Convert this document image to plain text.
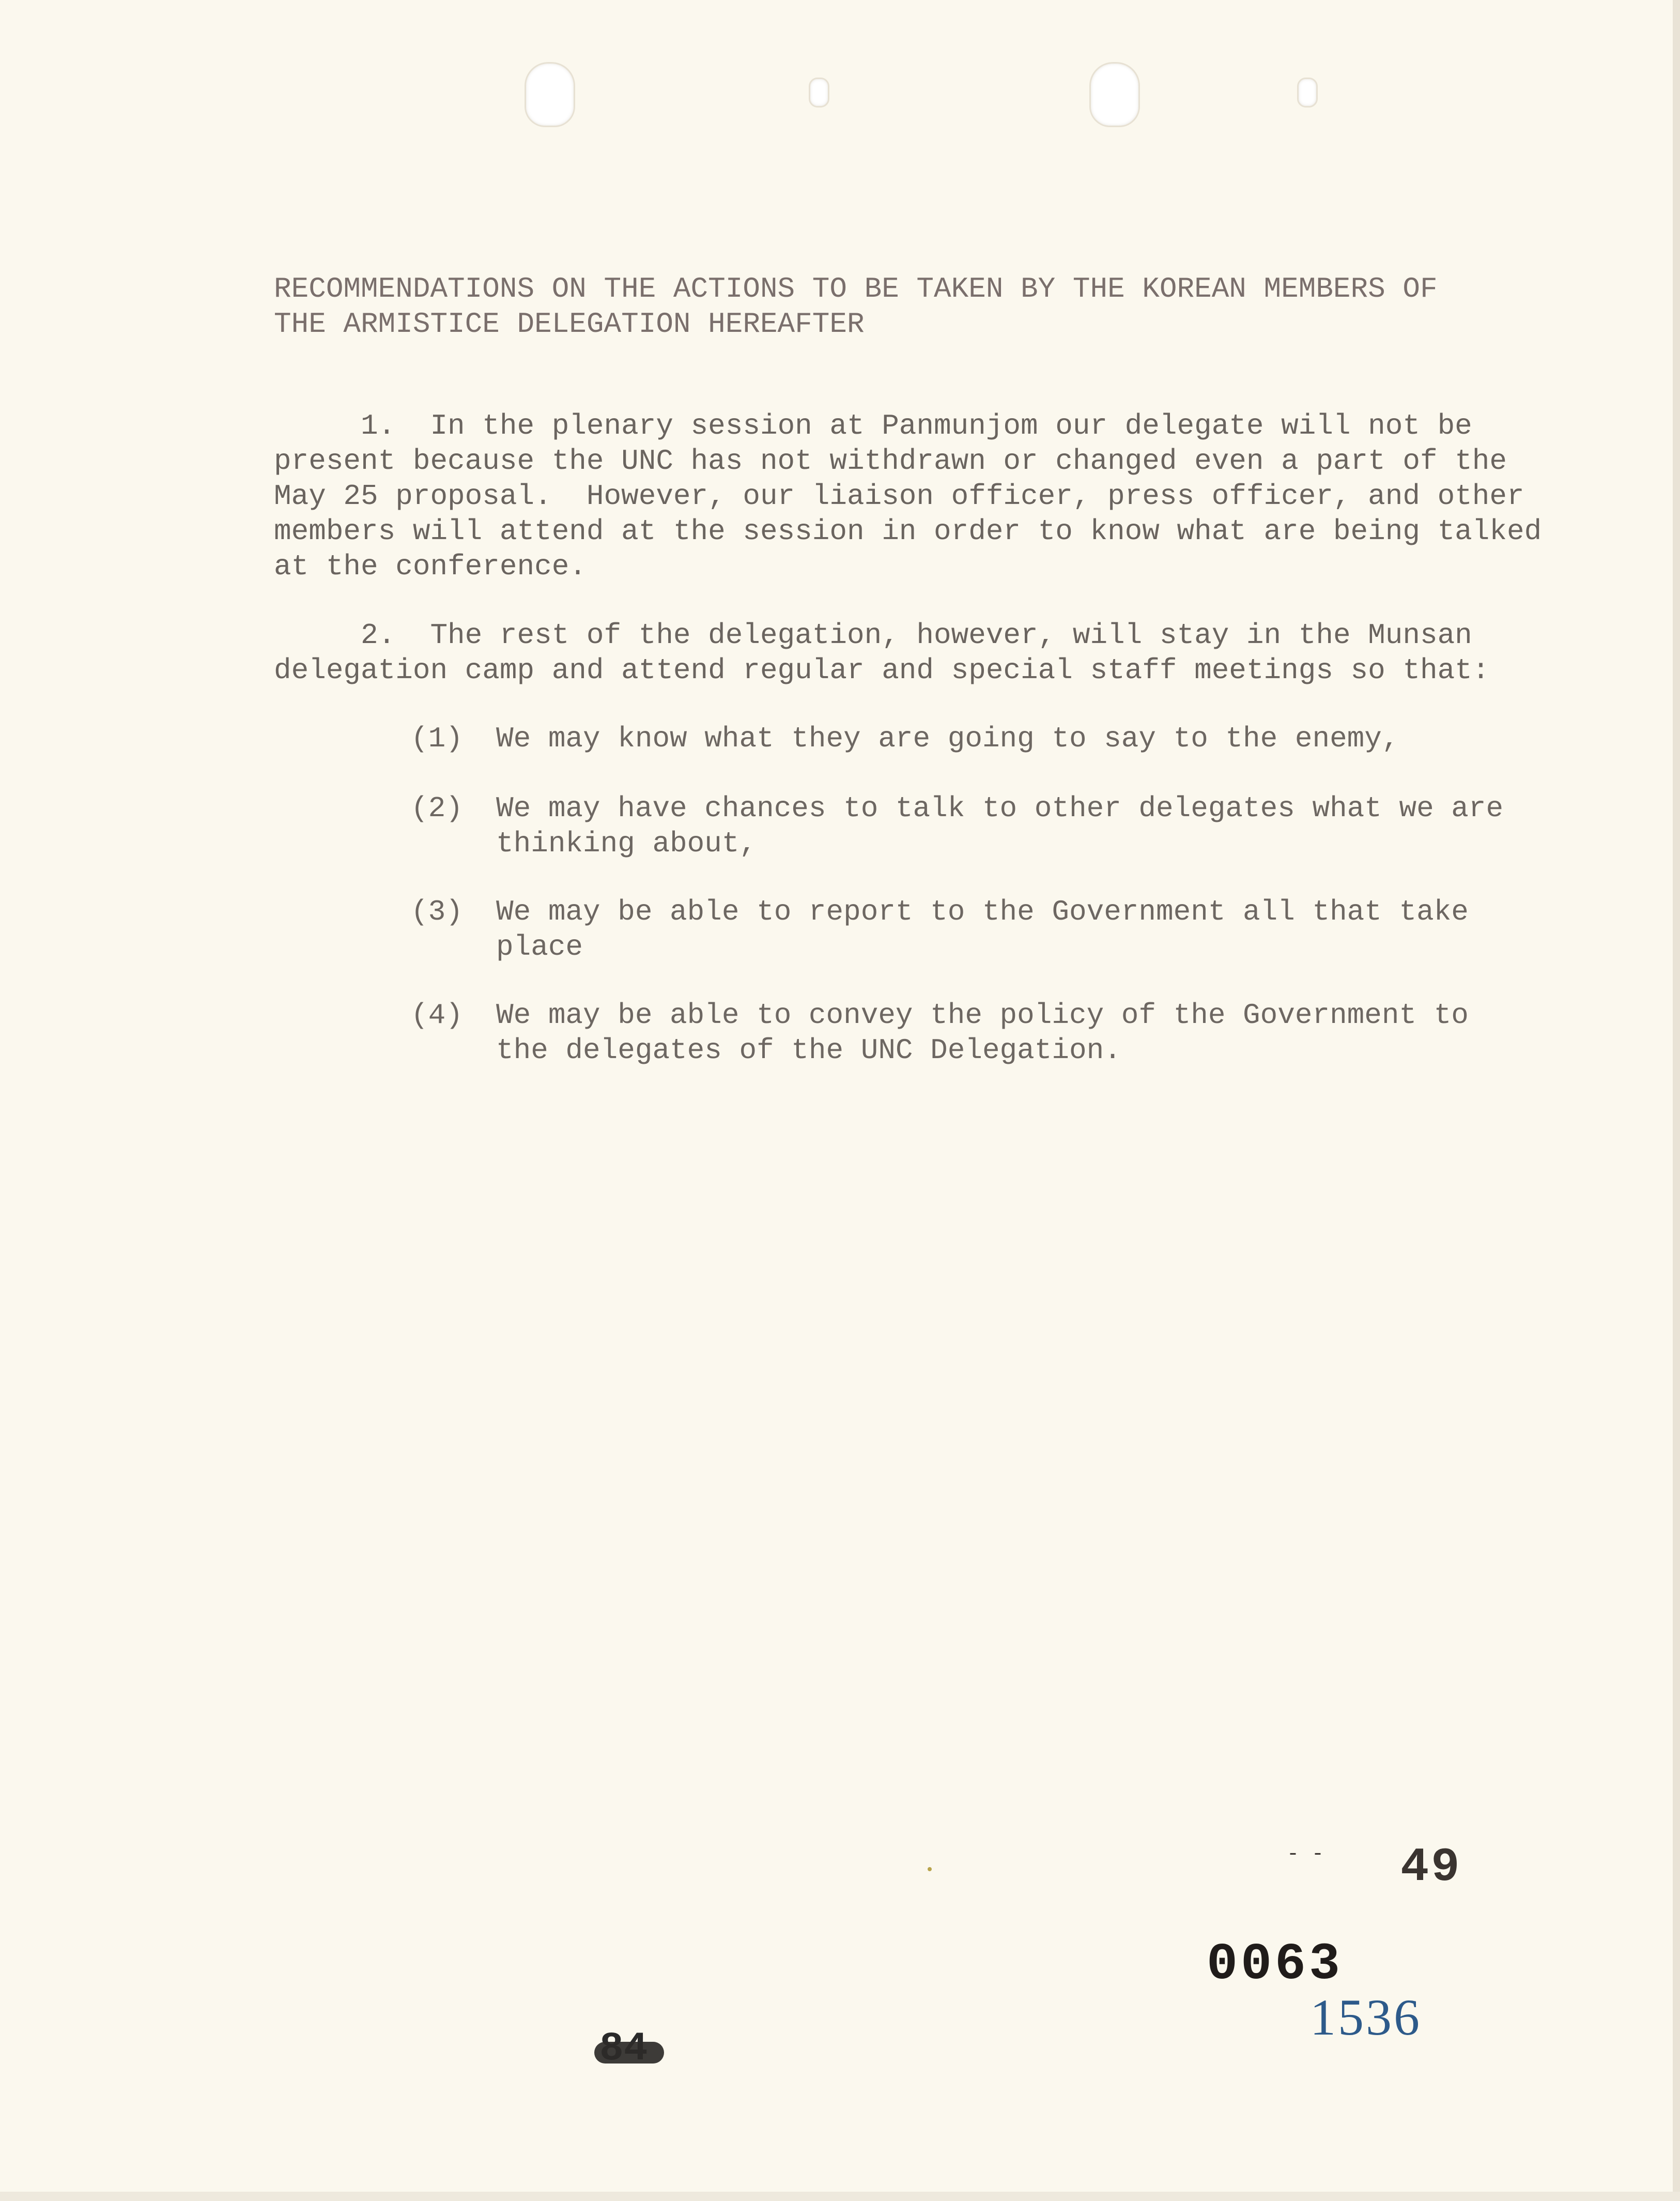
RECOMMENDATIONS ON THE ACTIONS TO BE TAKEN BY THE KOREAN MEMBERS OF
THE ARMISTICE DELEGATION HEREAFTER
1.  In the plenary session at Panmunjom our delegate will not be
present because the UNC has not withdrawn or changed even a part of the
May 25 proposal.  However, our liaison officer, press officer, and other
members will attend at the session in order to know what are being talked
at the conference.
2.  The rest of the delegation, however, will stay in the Munsan
delegation camp and attend regular and special staff meetings so that:
(1) We may know what they are going to say to the enemy,
(2) We may have chances to talk to other delegates what we are
thinking about,
(3) We may be able to report to the Government all that take
place
(4) We may be able to convey the policy of the Government to
the delegates of the UNC Delegation.
- - 49
0063
1536
